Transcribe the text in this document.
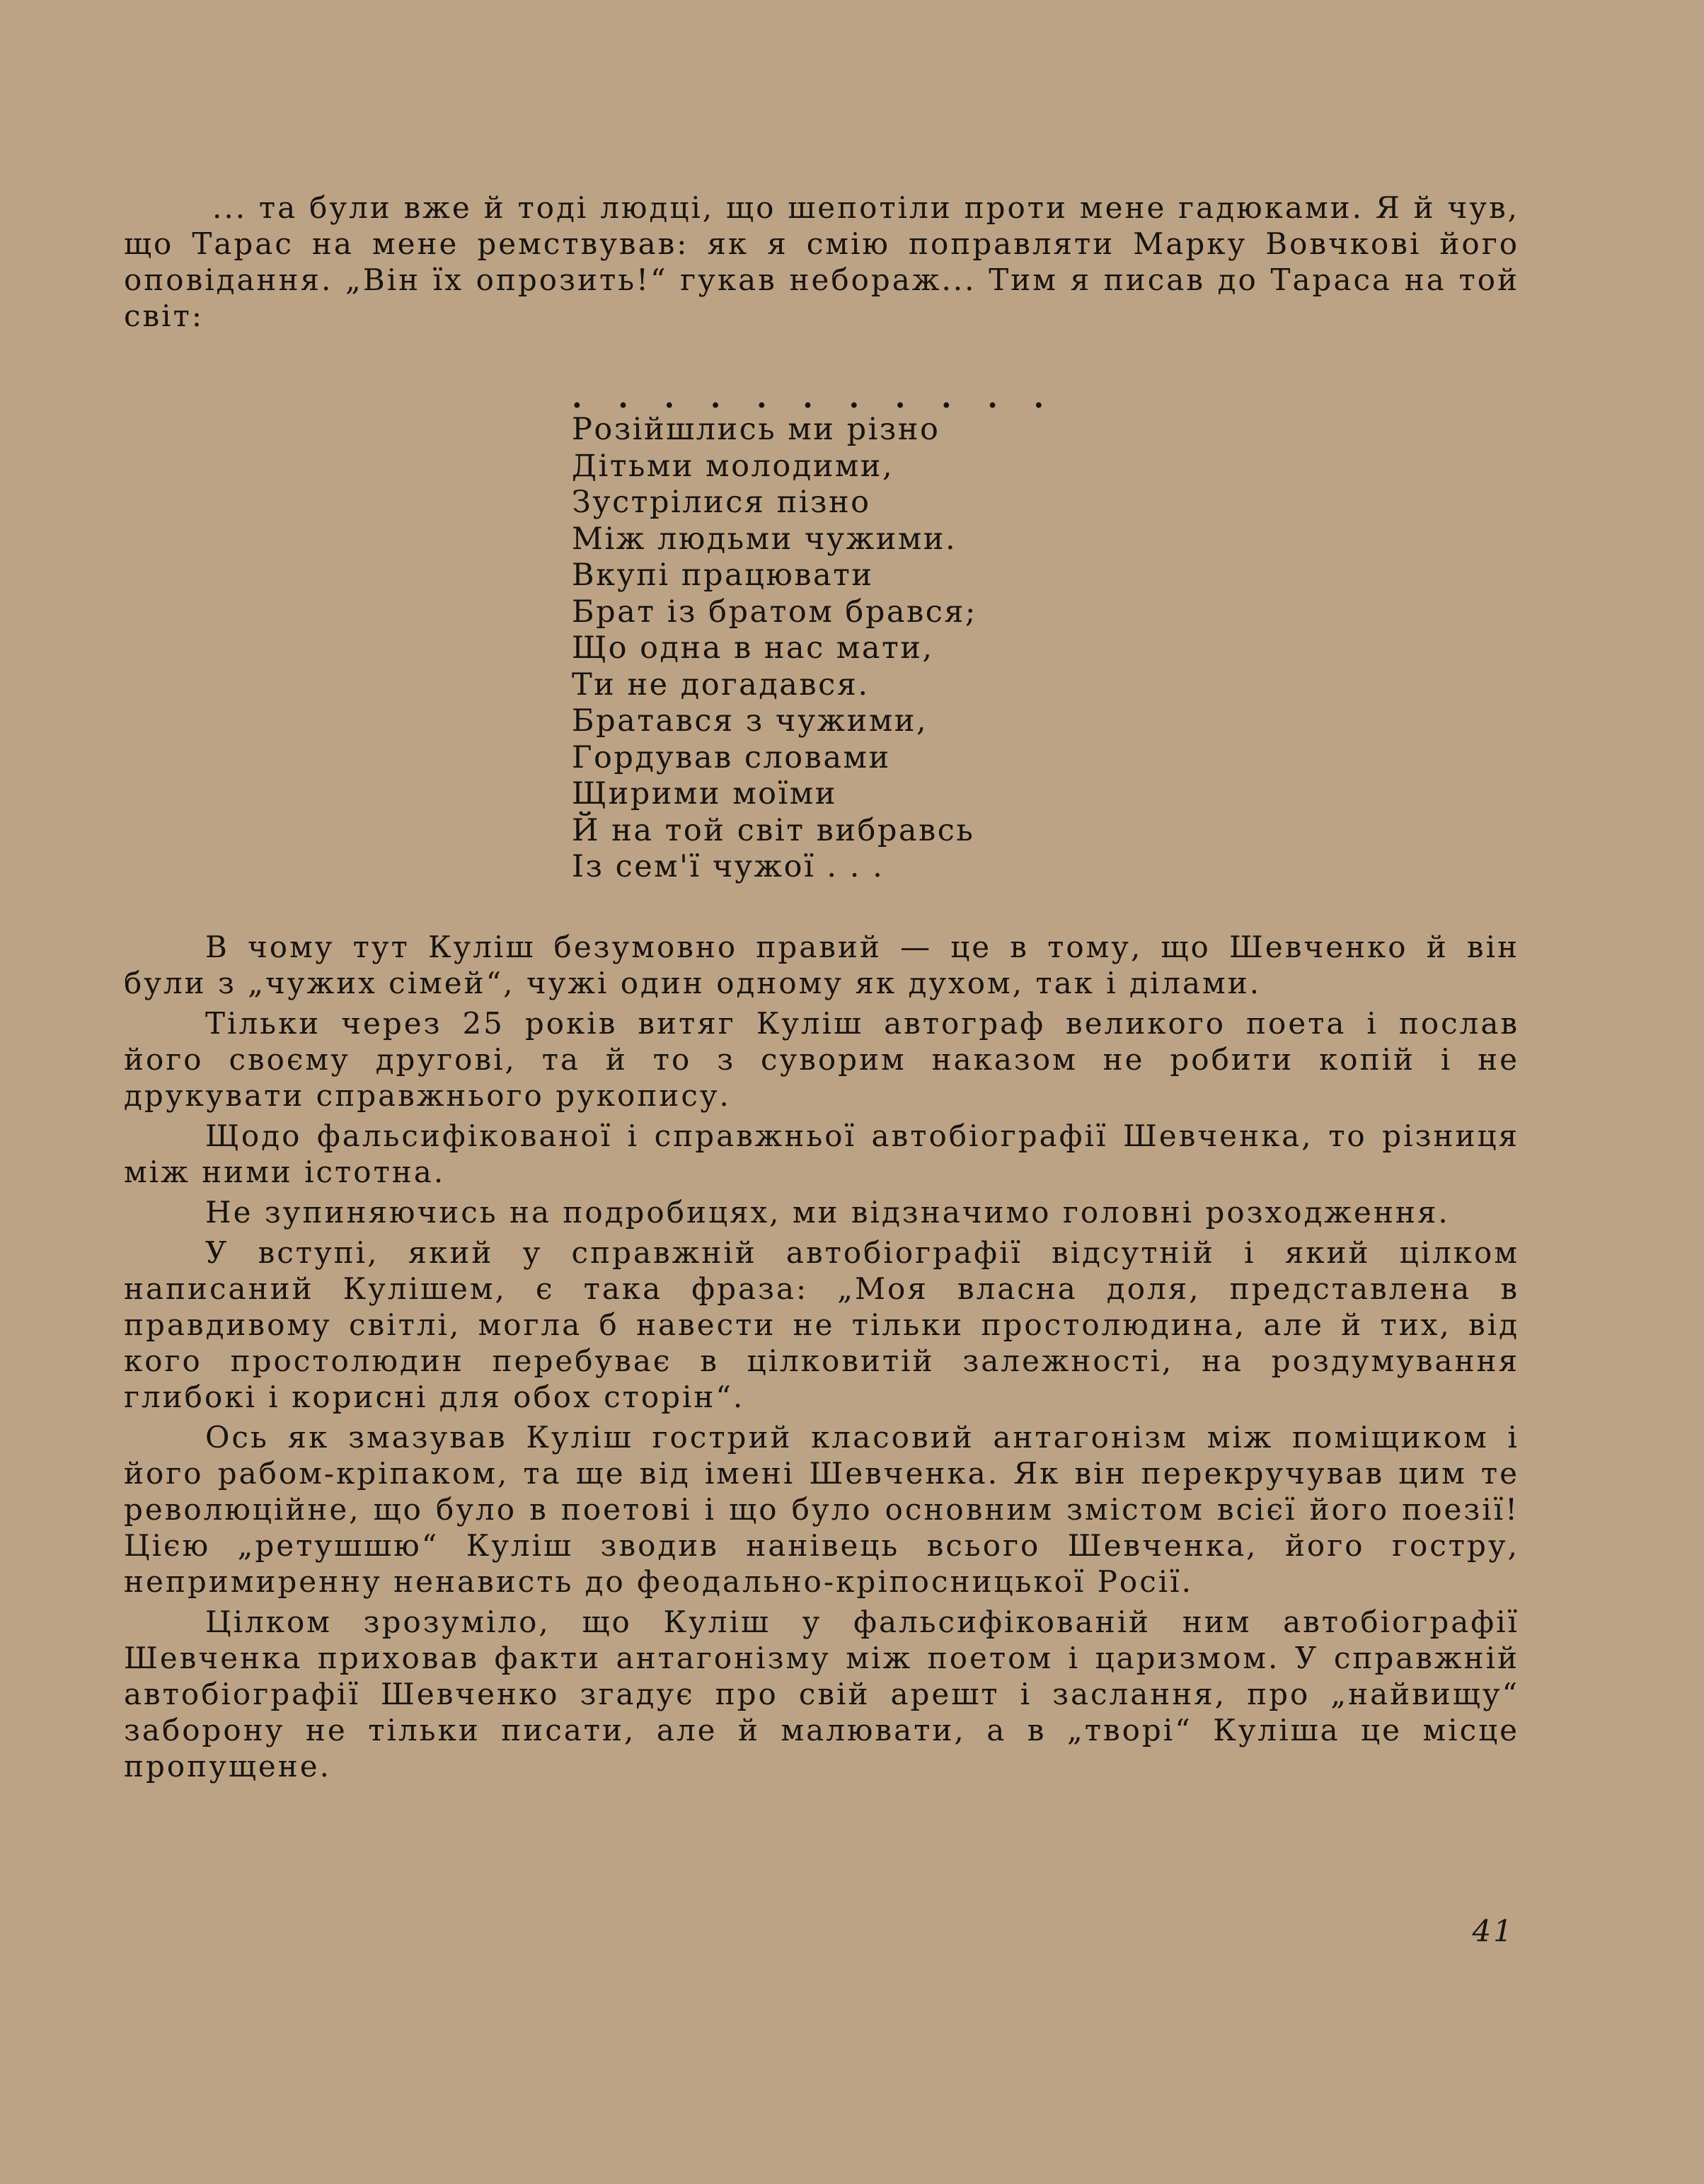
... та були вже й тоді людці, що шепотіли проти мене гадюками. Я й чув, що Тарас на мене ремствував: як я смію поправляти Марку Вовчкові його оповідання. „Він їх опрозить!“ гукав небораж... Тим я писав до Тараса на той світ:

. . . . . . . . . . .

Розійшлись ми різно

Дітьми молодими,

Зустрілися пізно

Між людьми чужими.

Вкупі працювати

Брат із братом брався;

Що одна в нас мати,

Ти не догадався.

Братався з чужими,

Гордував словами

Щирими моїми

Й на той світ вибравсь

Із сем'ї чужої . . .

В чому тут Куліш безумовно правий — це в тому, що Шевченко й він були з „чужих сімей“, чужі один одному як духом, так і ділами.

Тільки через 25 років витяг Куліш автограф великого поета і послав його своєму другові, та й то з суворим наказом не робити копій і не друкувати справжнього рукопису.

Щодо фальсифікованої і справжньої автобіографії Шевченка, то різниця між ними істотна.

Не зупиняючись на подробицях, ми відзначимо головні розходження.

У вступі, який у справжній автобіографії відсутній і який цілком написаний Кулішем, є така фраза: „Моя власна доля, представлена в правдивому світлі, могла б навести не тільки простолюдина, але й тих, від кого простолюдин перебуває в цілковитій залежності, на роздумування глибокі і корисні для обох сторін“.

Ось як змазував Куліш гострий класовий антагонізм між поміщиком і його рабом-кріпаком, та ще від імені Шевченка. Як він перекручував цим те революційне, що було в поетові і що було основним змістом всієї його поезії! Цією „ретушшю“ Куліш зводив нанівець всього Шевченка, його гостру, непримиренну ненависть до феодально-кріпосницької Росії.

Цілком зрозуміло, що Куліш у фальсифікованій ним автобіографії Шевченка приховав факти антагонізму між поетом і царизмом. У справжній автобіографії Шевченко згадує про свій арешт і заслання, про „найвищу“ заборону не тільки писати, але й малювати, а в „творі“ Куліша це місце пропущене.

41
